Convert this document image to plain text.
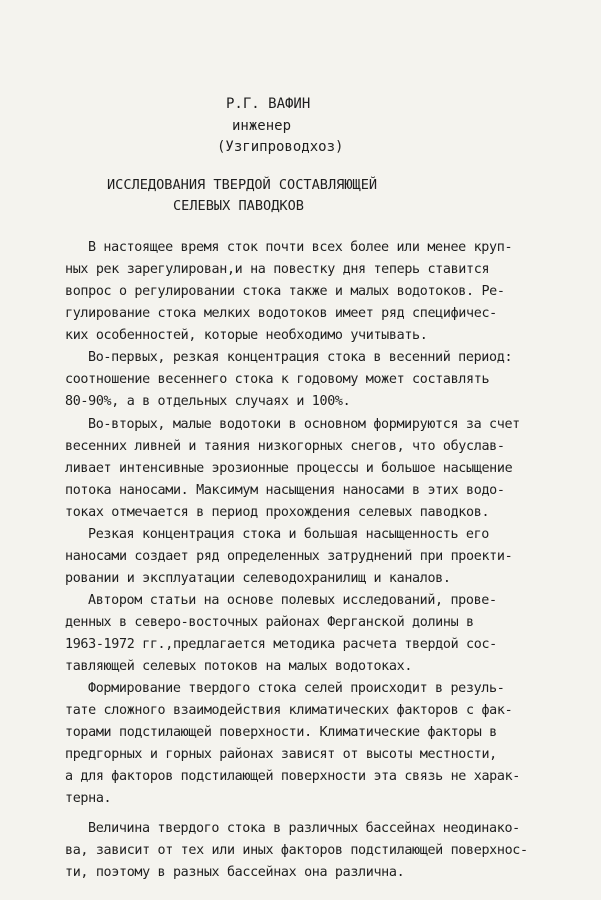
Р.Г. ВАФИН
инженер
(Узгипроводхоз)
ИССЛЕДОВАНИЯ ТВЕРДОЙ СОСТАВЛЯЮЩЕЙ
СЕЛЕВЫХ ПАВОДКОВ
В настоящее время сток почти всех более или менее круп-
ных рек зарегулирован,и на повестку дня теперь ставится
вопрос о регулировании стока также и малых водотоков. Ре-
гулирование стока мелких водотоков имеет ряд специфичес-
ких особенностей, которые необходимо учитывать.
Во-первых, резкая концентрация стока в весенний период:
соотношение весеннего стока к годовому может составлять
80-90%, а в отдельных случаях и 100%.
Во-вторых, малые водотоки в основном формируются за счет
весенних ливней и таяния низкогорных снегов, что обуслав-
ливает интенсивные эрозионные процессы и большое насыщение
потока наносами. Максимум насыщения наносами в этих водо-
токах отмечается в период прохождения селевых паводков.
Резкая концентрация стока и большая насыщенность его
наносами создает ряд определенных затруднений при проекти-
ровании и эксплуатации селеводохранилищ и каналов.
Автором статьи на основе полевых исследований, прове-
денных в северо-восточных районах Ферганской долины в
1963-1972 гг.,предлагается методика расчета твердой сос-
тавляющей селевых потоков на малых водотоках.
Формирование твердого стока селей происходит в резуль-
тате сложного взаимодействия климатических факторов с фак-
торами подстилающей поверхности. Климатические факторы в
предгорных и горных районах зависят от высоты местности,
а для факторов подстилающей поверхности эта связь не харак-
терна.
Величина твердого стока в различных бассейнах неодинако-
ва, зависит от тех или иных факторов подстилающей поверхнос-
ти, поэтому в разных бассейнах она различна.
